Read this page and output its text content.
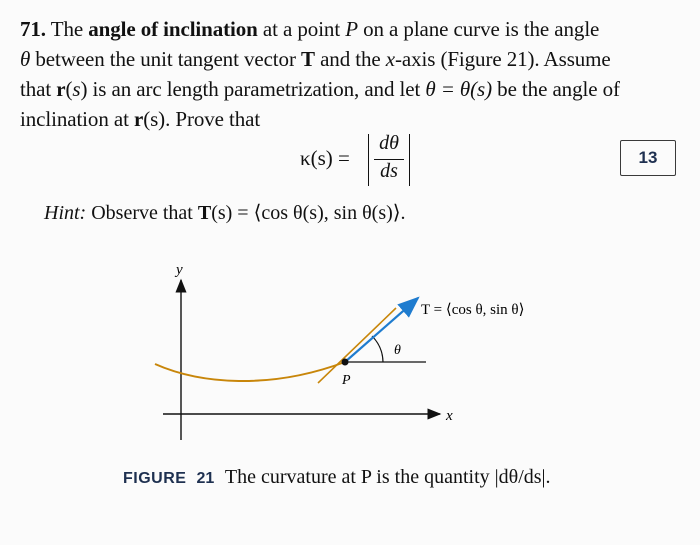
71. The angle of inclination at a point P on a plane curve is the angle
θ between the unit tangent vector T and the x-axis (Figure 21). Assume
that r(s) is an arc length parametrization, and let θ = θ(s) be the angle of
inclination at r(s). Prove that
κ(s) =
dθ
ds
13
Hint: Observe that T(s) = ⟨cos θ(s), sin θ(s)⟩.
y
x
θ
T = ⟨cos θ, sin θ⟩
P
FIGURE 21 The curvature at P is the quantity |dθ/ds|.
